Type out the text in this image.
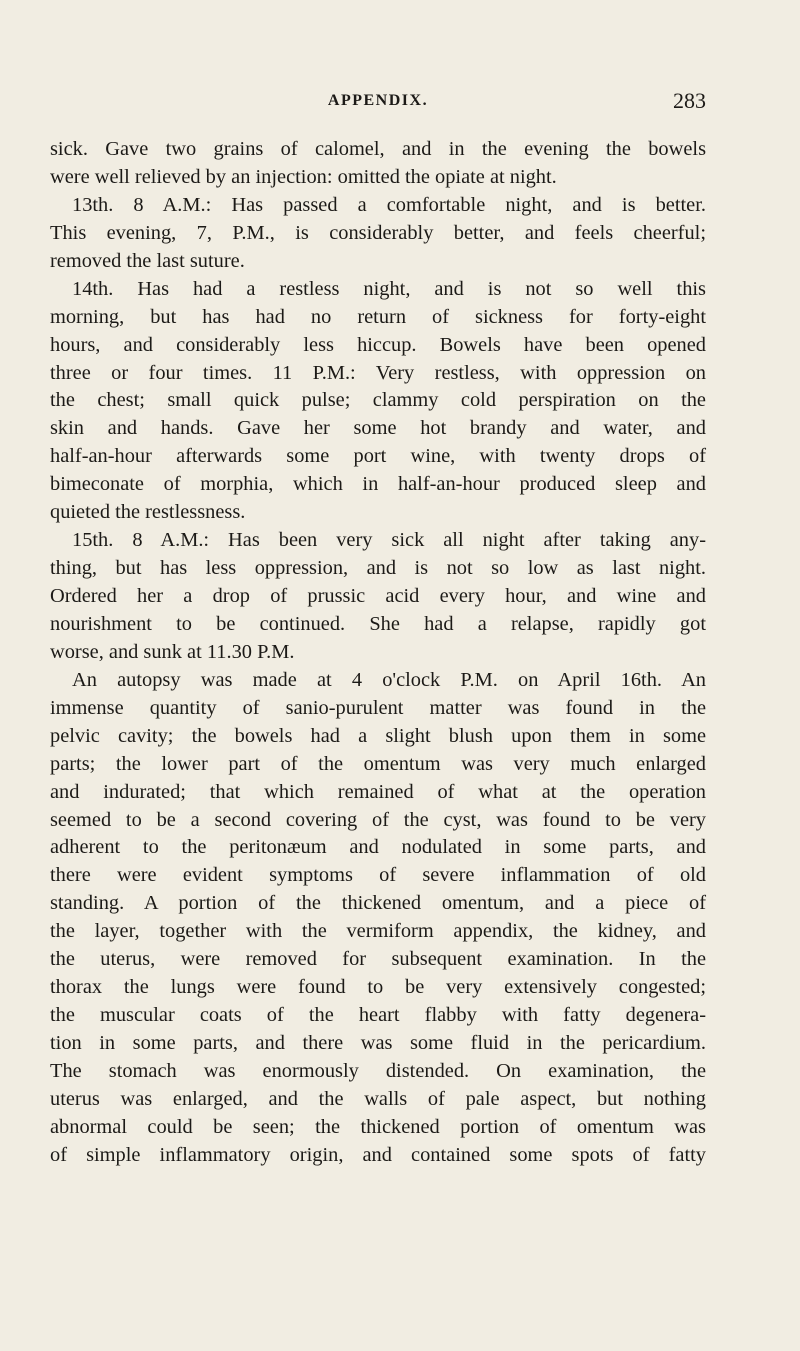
APPENDIX.	283
sick. Gave two grains of calomel, and in the evening the bowels
were well relieved by an injection: omitted the opiate at night.
13th. 8 A.M.: Has passed a comfortable night, and is better.
This evening, 7, P.M., is considerably better, and feels cheerful;
removed the last suture.
14th. Has had a restless night, and is not so well this
morning, but has had no return of sickness for forty-eight
hours, and considerably less hiccup. Bowels have been opened
three or four times. 11 P.M.: Very restless, with oppression on
the chest; small quick pulse; clammy cold perspiration on the
skin and hands. Gave her some hot brandy and water, and
half-an-hour afterwards some port wine, with twenty drops of
bimeconate of morphia, which in half-an-hour produced sleep and
quieted the restlessness.
15th. 8 A.M.: Has been very sick all night after taking any-
thing, but has less oppression, and is not so low as last night.
Ordered her a drop of prussic acid every hour, and wine and
nourishment to be continued. She had a relapse, rapidly got
worse, and sunk at 11.30 P.M.
An autopsy was made at 4 o'clock P.M. on April 16th. An
immense quantity of sanio-purulent matter was found in the
pelvic cavity; the bowels had a slight blush upon them in some
parts; the lower part of the omentum was very much enlarged
and indurated; that which remained of what at the operation
seemed to be a second covering of the cyst, was found to be very
adherent to the peritonæum and nodulated in some parts, and
there were evident symptoms of severe inflammation of old
standing. A portion of the thickened omentum, and a piece of
the layer, together with the vermiform appendix, the kidney, and
the uterus, were removed for subsequent examination. In the
thorax the lungs were found to be very extensively congested;
the muscular coats of the heart flabby with fatty degenera-
tion in some parts, and there was some fluid in the pericardium.
The stomach was enormously distended. On examination, the
uterus was enlarged, and the walls of pale aspect, but nothing
abnormal could be seen; the thickened portion of omentum was
of simple inflammatory origin, and contained some spots of fatty
